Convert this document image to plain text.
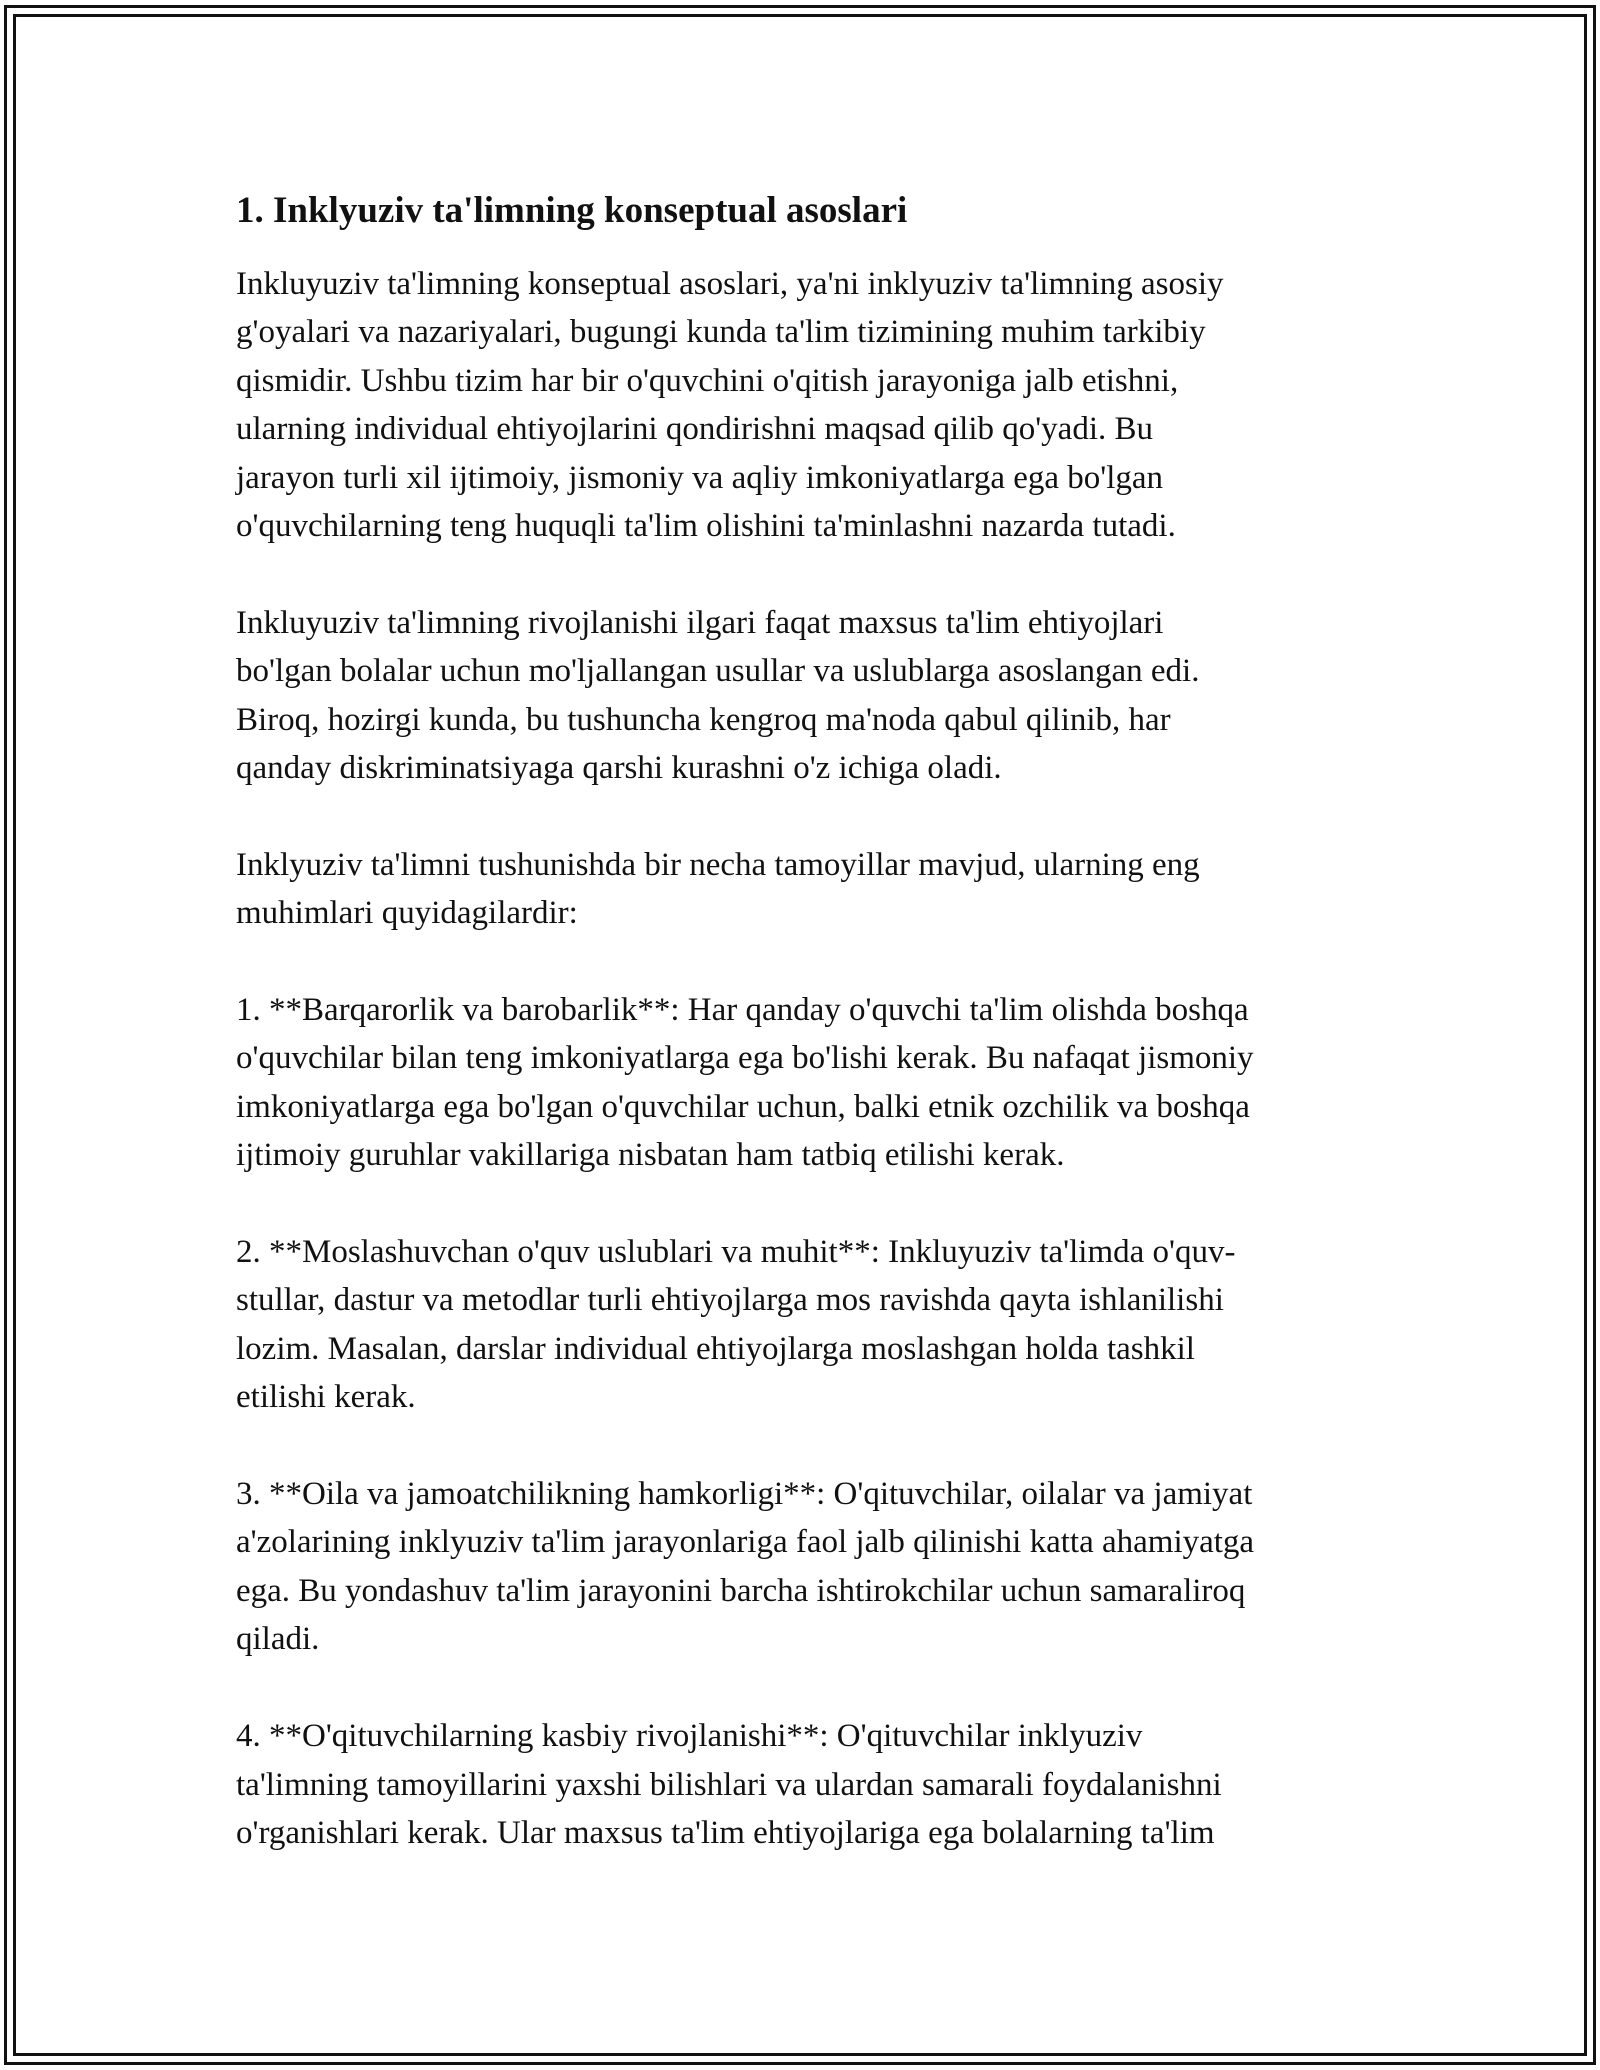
1. Inklyuziv ta'limning konseptual asoslari
Inkluyuziv ta'limning konseptual asoslari, ya'ni inklyuziv ta'limning asosiy
g'oyalari va nazariyalari, bugungi kunda ta'lim tizimining muhim tarkibiy
qismidir. Ushbu tizim har bir o'quvchini o'qitish jarayoniga jalb etishni,
ularning individual ehtiyojlarini qondirishni maqsad qilib qo'yadi. Bu
jarayon turli xil ijtimoiy, jismoniy va aqliy imkoniyatlarga ega bo'lgan
o'quvchilarning teng huquqli ta'lim olishini ta'minlashni nazarda tutadi.
Inkluyuziv ta'limning rivojlanishi ilgari faqat maxsus ta'lim ehtiyojlari
bo'lgan bolalar uchun mo'ljallangan usullar va uslublarga asoslangan edi.
Biroq, hozirgi kunda, bu tushuncha kengroq ma'noda qabul qilinib, har
qanday diskriminatsiyaga qarshi kurashni o'z ichiga oladi.
Inklyuziv ta'limni tushunishda bir necha tamoyillar mavjud, ularning eng
muhimlari quyidagilardir:
1. **Barqarorlik va barobarlik**: Har qanday o'quvchi ta'lim olishda boshqa
o'quvchilar bilan teng imkoniyatlarga ega bo'lishi kerak. Bu nafaqat jismoniy
imkoniyatlarga ega bo'lgan o'quvchilar uchun, balki etnik ozchilik va boshqa
ijtimoiy guruhlar vakillariga nisbatan ham tatbiq etilishi kerak.
2. **Moslashuvchan o'quv uslublari va muhit**: Inkluyuziv ta'limda o'quv-
stullar, dastur va metodlar turli ehtiyojlarga mos ravishda qayta ishlanilishi
lozim. Masalan, darslar individual ehtiyojlarga moslashgan holda tashkil
etilishi kerak.
3. **Oila va jamoatchilikning hamkorligi**: O'qituvchilar, oilalar va jamiyat
a'zolarining inklyuziv ta'lim jarayonlariga faol jalb qilinishi katta ahamiyatga
ega. Bu yondashuv ta'lim jarayonini barcha ishtirokchilar uchun samaraliroq
qiladi.
4. **O'qituvchilarning kasbiy rivojlanishi**: O'qituvchilar inklyuziv
ta'limning tamoyillarini yaxshi bilishlari va ulardan samarali foydalanishni
o'rganishlari kerak. Ular maxsus ta'lim ehtiyojlariga ega bolalarning ta'lim
